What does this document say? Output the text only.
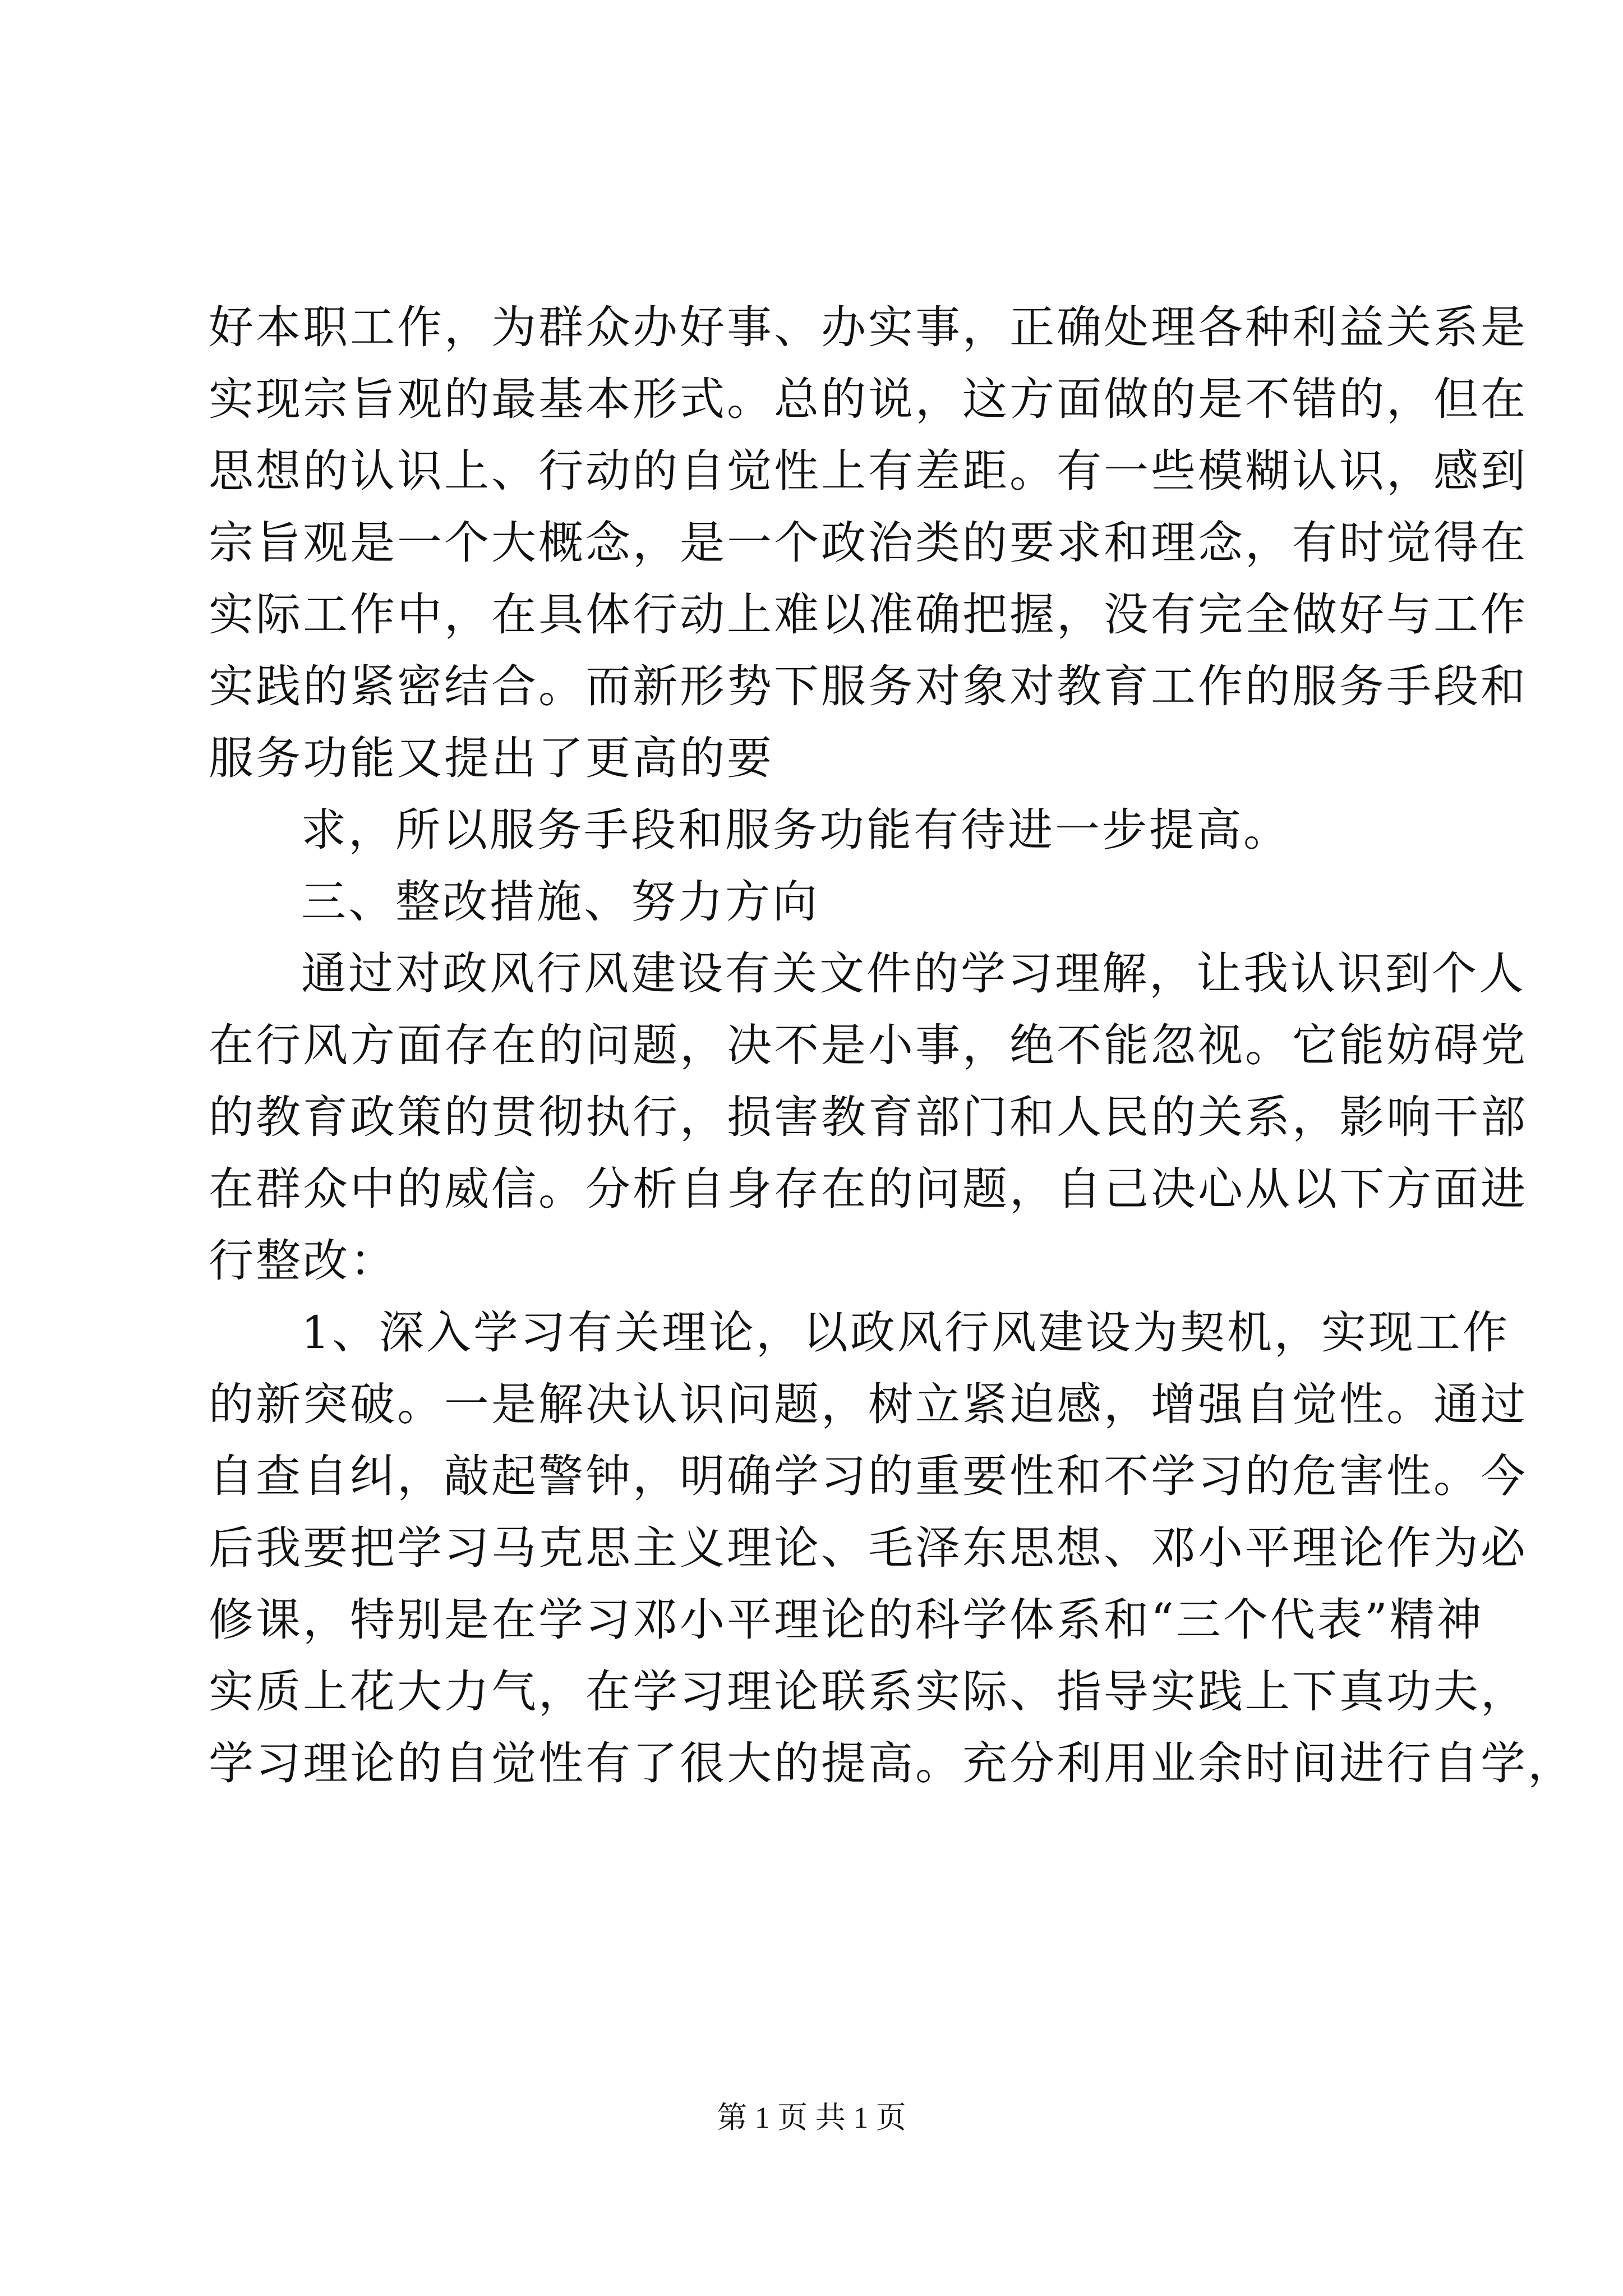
好本职工作，为群众办好事、办实事，正确处理各种利益关系是
实现宗旨观的最基本形式。总的说，这方面做的是不错的，但在
思想的认识上、行动的自觉性上有差距。有一些模糊认识，感到
宗旨观是一个大概念，是一个政治类的要求和理念，有时觉得在
实际工作中，在具体行动上难以准确把握，没有完全做好与工作
实践的紧密结合。而新形势下服务对象对教育工作的服务手段和
服务功能又提出了更高的要
求，所以服务手段和服务功能有待进一步提高。
三、整改措施、努力方向
通过对政风行风建设有关文件的学习理解，让我认识到个人
在行风方面存在的问题，决不是小事，绝不能忽视。它能妨碍党
的教育政策的贯彻执行，损害教育部门和人民的关系，影响干部
在群众中的威信。分析自身存在的问题，自己决心从以下方面进
行整改：
1、深入学习有关理论，以政风行风建设为契机，实现工作
的新突破。一是解决认识问题，树立紧迫感，增强自觉性。通过
自查自纠，敲起警钟，明确学习的重要性和不学习的危害性。今
后我要把学习马克思主义理论、毛泽东思想、邓小平理论作为必
修课，特别是在学习邓小平理论的科学体系和“三个代表”精神
实质上花大力气，在学习理论联系实际、指导实践上下真功夫，
学习理论的自觉性有了很大的提高。充分利用业余时间进行自学，
第 1 页 共 1 页
